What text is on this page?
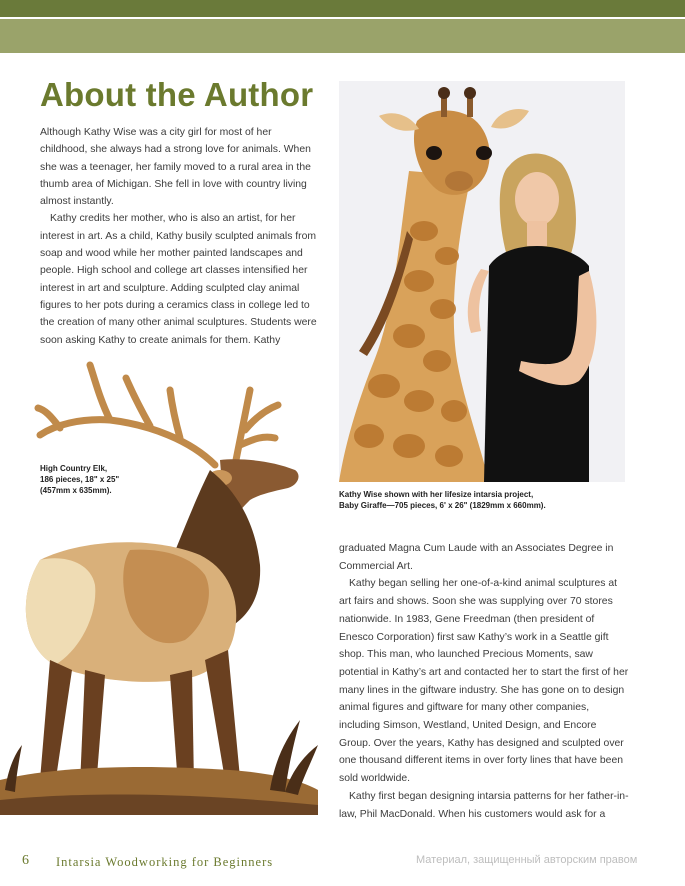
About the Author

Although Kathy Wise was a city girl for most of her childhood, she always had a strong love for animals. When she was a teenager, her family moved to a rural area in the thumb area of Michigan. She fell in love with country living almost instantly.

Kathy credits her mother, who is also an artist, for her interest in art. As a child, Kathy busily sculpted animals from soap and wood while her mother painted landscapes and people. High school and college art classes intensified her interest in art and sculpture. Adding sculpted clay animal figures to her pots during a ceramics class in college led to the creation of many other animal sculptures. Students were soon asking Kathy to create animals for them. Kathy

Kathy Wise shown with her lifesize intarsia project,
Baby Giraffe—705 pieces, 6' x 26" (1829mm x 660mm).
High Country Elk,
186 pieces, 18" x 25"
(457mm x 635mm).

graduated Magna Cum Laude with an Associates Degree in Commercial Art.

Kathy began selling her one-of-a-kind animal sculptures at art fairs and shows. Soon she was supplying over 70 stores nationwide. In 1983, Gene Freedman (then president of Enesco Corporation) first saw Kathy’s work in a Seattle gift shop. This man, who launched Precious Moments, saw potential in Kathy’s art and contacted her to start the first of her many lines in the giftware industry. She has gone on to design animal figures and giftware for many other companies, including Simson, Westland, United Design, and Encore Group. Over the years, Kathy has designed and sculpted over one thousand different items in over forty lines that have been sold worldwide.

Kathy first began designing intarsia patterns for her father-in-law, Phil MacDonald. When his customers would ask for a

6 Intarsia Woodworking for Beginners	Материал, защищенный авторским правом
